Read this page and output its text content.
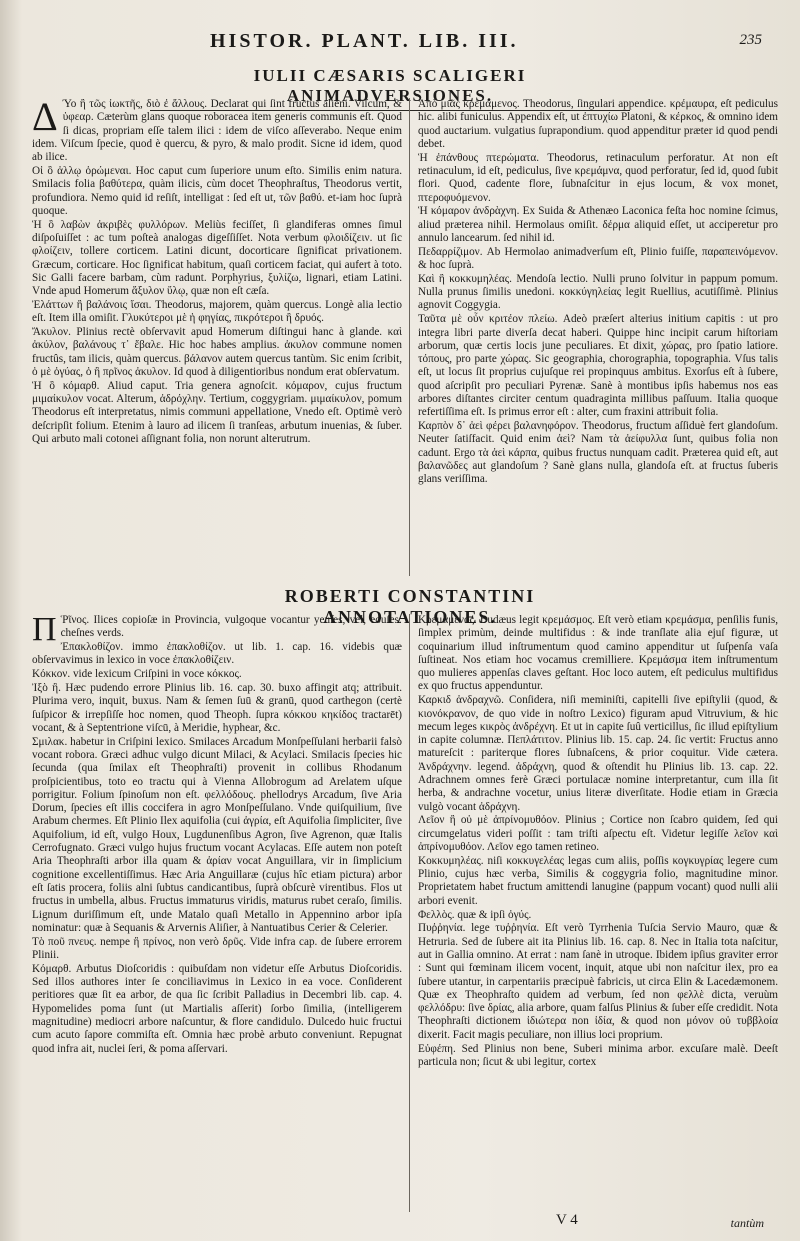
HISTOR. PLANT. LIB. III.	235
IULII CÆSARIS SCALIGERI ANIMADVERSIONES.
Δ Ύο ἢ τῶς ἰωκτῆς, διὸ ἐ ἄλλους. Declarat qui ſint fructus alieni. Viſcum, & ὑφεαρ. Cæterùm glans quoque roboracea item generis communis eſt. Quod ſi dicas, propriam eſſe talem ilici : idem de viſco aſſeverabo. Neque enim idem. Viſcum ſpecie, quod è quercu, & pyro, & malo prodit. Sicne id idem, quod ab ilice.

Οἱ ὃ ἀλλῳ ὀρώμεναι. Hoc caput cum ſuperiore unum eſto. Similis enim natura. Smilacis folia βαθύτερα, quàm ilicis, cùm docet Theophraſtus, Theodorus vertit, profundiora. Nemo quid id reſiſt, intelligat : ſed eſt ut, τῶν βαθύ. et-iam hoc ſuprà quoque.

Ἡ ὃ λαβὼν ἀκριβὲς φυλλόρων. Meliùs feciſſet, ſi glandiferas omnes ſimul diſpoſuiſſet : ac tum poſteà analogas digeſſiſſet. Nota verbum φλοιδίζειν. ut ſic φλοίζειν, tollere corticem. Latini dicunt, docorticare ſignificat privationem. Græcum, corticare. Hoc ſignificat habitum, quaſi corticem faciat, qui aufert à toto. Sic Galli facere barbam, cùm radunt. Porphyrius, ξυλίζω, lignari, etiam Latini. Vnde apud Homerum ἄξυλον ὕλῳ, quæ non eſt cæſa.

Ἐλάττων ἢ βαλάνοις ἴσαι. Theodorus, majorem, quàm quercus. Longè alia lectio eſt. Item illa omiſit. Γλυκύτεροι μὲ ἡ φηγίας, πικρότεροι ἢ δρυός.

Ἄκυλον. Plinius rectè obſervavit apud Homerum diſtingui hanc à glande. καὶ ἀκύλον, βαλάνους τ᾽ ἔβαλε. Hic hoc habes amplius. ἀκυλον commune nomen fructûs, tam ilicis, quàm quercus. βάλανον autem quercus tantùm. Sic enim ſcribit, ὁ μὲ ὀγύας, ὁ ἢ πρῖνος ἀκυλον. Id quod à diligentioribus nondum erat obſervatum.

Ἡ ὃ κόμαρθ. Aliud caput. Tria genera agnoſcit. κόμαρον, cujus fructum μιμαίκυλον vocat. Alterum, ἀδρόχλην. Tertium, coggygriam. μιμαίκυλον, pomum Theodorus eſt interpretatus, nimis communi appellatione, Vnedo eſt. Optimè verò deſcripſit folium. Etenim à lauro ad ilicem ſi tranſeas, arbutum inuenias, & ſuber. Qui arbuto mali cotonei aſſignant folia, non norunt alterutrum.

Ἀπὸ μιᾶς κρεμάμενος. Theodorus, ſingulari appendice. κρέμαυρα, eſt pediculus hic. alibi funiculus. Appendix eſt, ut ἐπτυχίω Platoni, & κέρκος, & omnino idem quod auctarium. vulgatius ſuprapondium. quod appenditur præter id quod pendi debet.

Ἡ ἐπάνθους πτερώματα. Theodorus, retinaculum perforatur. At non eſt retinaculum, id eſt, pediculus, ſive κρεμάμνα, quod perforatur, ſed id, quod ſubit flori. Quod, cadente flore, ſubnaſcitur in ejus locum, & vox monet, πτεροφυόμενον.

Ἡ κόμαρον ἀνδρὰχνη. Ex Suida & Athenæo Laconica feſta hoc nomine ſcimus, aliud præterea nihil. Hermolaus omiſit. δέρμα aliquid eſſet, ut acciperetur pro annulo lancearum. ſed nihil id.

Πεδαρρίζιμον. Ab Hermolao animadverſum eſt, Plinio fuiſſe, παραπεινόμενον. & hoc ſuprà.

Καὶ ἢ κοκκυμηλέας. Mendoſa lectio. Nulli pruno ſolvitur in pappum pomum. Nulla prunus ſimilis unedoni. κοκκύγηλείας legit Ruellius, acutiſſimè. Plinius agnovit Coggygia.

Ταῦτα μὲ οὖν κριτέον πλείω. Adeò præſert alterius initium capitis : ut pro integra libri parte diverſa decat haberi. Quippe hinc incipit carum hiſtoriam arborum, quæ certis locis june peculiares. Et dixit, χώρας, pro ſpatio latiore. τόπους, pro parte χώρας. Sic geographia, chorographia, topographia. Vſus talis eſt, ut locus ſit proprius cujuſque rei propinquus ambitus. Exorſus eſt à ſubere, quod aſcripſit pro peculiari Pyrenæ. Sanè à montibus ipſis habemus nos eas arbores diſtantes circiter centum quadraginta millibus paſſuum. Italia quoque refertiſſima eſt. Is primus error eſt : alter, cum fraxini attribuit folia.

Καρπὸν δ᾽ ἀεὶ φέρει βαλανηφόρον. Theodorus, fructum aſſiduè fert glandoſum. Neuter ſatiſfacit. Quid enim ἀεὶ? Nam τὰ ἀείφυλλα ſunt, quibus folia non cadunt. Ergo τὰ ἀεὶ κάρπα, quibus fructus nunquam cadit. Præterea quid eſt, aut βαλανῶδες aut glandoſum ? Sanè glans nulla, glandoſa eſt. at fructus ſuberis glans veriſſima.

ROBERTI CONSTANTINI ANNOTATIONES.
Π Ῥῖνος. Ilices copioſæ in Provincia, vulgoque vocantur yeuſes, vel, eouſes: cheſnes verds.

Ἐπακλοθίζον. immo ἐπακλοθίζον. ut lib. 1. cap. 16. videbis quæ obſervavimus in lexico in voce ἐπακλοθίζειν.

Κόκκον. vide lexicum Criſpini in voce κόκκος.

Ἰξὸ ἢ. Hæc pudendo errore Plinius lib. 16. cap. 30. buxo affingit atq; attribuit. Plurima vero, inquit, buxus. Nam & ſemen ſuū & granū, quod carthegon (certè ſuſpicor & irrepſiſſe hoc nomen, quod Theoph. ſupra κόκκου κηκίδος tractarēt) vocant, & à Septentrione viſcū, à Meridie, hyphear, &c.

Σμιλακ. habetur in Criſpini lexico. Smilaces Arcadum Monſpeſſulani herbarii falsò vocant robora. Græci adhuc vulgo dicunt Milaci, & Acylaci. Smilacis ſpecies hic ſecunda (qua ſmilax eſt Theophraſti) provenit in collibus Rhodanum proſpicientibus, toto eo tractu qui à Vienna Allobrogum ad Arelatem uſque porrigitur. Folium ſpinoſum non eſt. φελλόδους. phellodrys Arcadum, ſive Aria Dorum, ſpecies eſt illis coccifera in agro Monſpeſſulano. Vnde quiſquilium, ſive Arabum chermes. Eſt Plinio Ilex aquifolia (cui ἀγρία, eſt Aquifolia ſimpliciter, ſive Aquifolium, id eſt, vulgo Houx, Lugdunenſibus Agron, ſive Agrenon, quæ Italis Cerrofugnato. Græci vulgo hujus fructum vocant Acylacas. Eſſe autem non poteſt Aria Theophraſti arbor illa quam & ἀρίαν vocat Anguillara, vir in ſimplicium cognitione excellentiſſimus. Hæc Aria Anguillaræ (cujus hîc etiam pictura) arbor eſt ſatis procera, foliis alni ſubtus candicantibus, ſuprà obſcurè virentibus. Flos ut fructus in umbella, albus. Fructus immaturus viridis, maturus rubet ceraſo, ſimilis. Lignum duriſſimum eſt, unde Matalo quaſi Metallo in Appennino arbor ipſa nominatur: quæ à Sequanis & Arvernis Aliſier, à Nantuatibus Cerier & Celerier.

Τὸ ποῦ πνευς. nempe ἢ πρίνος, non verò δρῦς. Vide infra cap. de ſubere errorem Plinii.

Κόμαρθ. Arbutus Dioſcoridis : quibuſdam non videtur eſſe Arbutus Dioſcoridis. Sed illos authores inter ſe conciliavimus in Lexico in ea voce. Conſiderent peritiores quæ ſit ea arbor, de qua ſic ſcribit Palladius in Decembri lib. cap. 4. Hypomelides poma ſunt (ut Martialis aſſerit) ſorbo ſimilia, (intelligerem magnitudine) mediocri arbore naſcuntur, & flore candidulo. Dulcedo huic fructui cum acuto ſapore commiſta eſt. Omnia hæc probè arbuto conveniunt. Repugnat quod infra ait, nuclei ſeri, & poma aſſervari.

Κρεμάμενος. Budæus legit κρεμάσμος. Eſt verò etiam κρεμάσμα, penſilis funis, ſimplex primùm, deinde multifidus : & inde tranſlate alia ejuſ figuræ, ut coquinarium illud inſtrumentum quod camino appenditur ut ſuſpenſa vaſa ſuſtineat. Nos etiam hoc vocamus cremilliere. Κρεμάσμα item inſtrumentum quo mulieres appenſas claves geſtant. Hoc loco autem, eſt pediculus multifidus ex quo fructus appenduntur.

Καρκιδ ἀνδραχνῶ. Conſidera, niſi meminiſti, capitelli ſive epiſtylii (quod, & κιονόκρανον, de quo vide in noſtro Lexico) figuram apud Vitruvium, & hic mecum leges κικρὸς ἀνδρέχνη. Et ut in capite ſuû verticillus, ſic illud epiſtylium in capite columnæ. Πεπλάτιτον. Plinius lib. 15. cap. 24. ſic vertit: Fructus anno matureſcit : pariterque flores ſubnaſcens, & prior coquitur. Vide cætera. Ἀνδράχνην. legend. ἀδράχνη, quod & oſtendit hu Plinius lib. 13. cap. 22. Adrachnem omnes ferè Græci portulacæ nomine interpretantur, cum illa ſit herba, & andrachne vocetur, unius literæ diverſitate. Hodie etiam in Græcia vulgò vocant ἀδράχνη.

Λεῖον ἢ οὐ μὲ ἀπρίνομυθόον. Plinius ; Cortice non ſcabro quidem, ſed qui circumgelatus videri poſſit : tam triſti aſpectu eſt. Videtur legiſſe λεῖον καὶ ἀπρίνομυθόον. Λεῖον ego tamen retineo.

Κοκκυμηλέας. niſi κοκκυγελέας legas cum aliis, poſſis κογκυγρίας legere cum Plinio, cujus hæc verba, Similis & coggygria folio, magnitudine minor. Proprietatem habet fructum amittendi lanugine (pappum vocant) quod nulli alii arbori evenit.

Φελλὸς. quæ & ipſi ὀγύς.

Πυῤῥηνία. lege τυῤῥηνία. Eſt verò Tyrrhenia Tuſcia Servio Mauro, quæ & Hetruria. Sed de ſubere ait ita Plinius lib. 16. cap. 8. Nec in Italia tota naſcitur, aut in Gallia omnino. At errat : nam ſanè in utroque. Ibidem ipſius graviter error : Sunt qui fœminam ilicem vocent, inquit, atque ubi non naſcitur ilex, pro ea ſubere utantur, in carpentariis præcipuè fabricis, ut circa Elin & Lacedæmonem. Quæ ex Theophraſto quidem ad verbum, ſed non φελλὲ dicta, veruùm φελλόδρυ: ſive δρίας, alia arbore, quam falſus Plinius & ſuber eſſe credidit. Nota Theophraſti dictionem ἰδιώτερα non ἰδία, & quod non μόνον οὐ τυββλοία dixerit. Facit magis peculiare, non illius loci proprium.

Εὐφέπη. Sed Plinius non bene, Suberi minima arbor. excuſare malè. Deeſt particula non; ſicut & ubi legitur, cortex

V 4	tantùm
